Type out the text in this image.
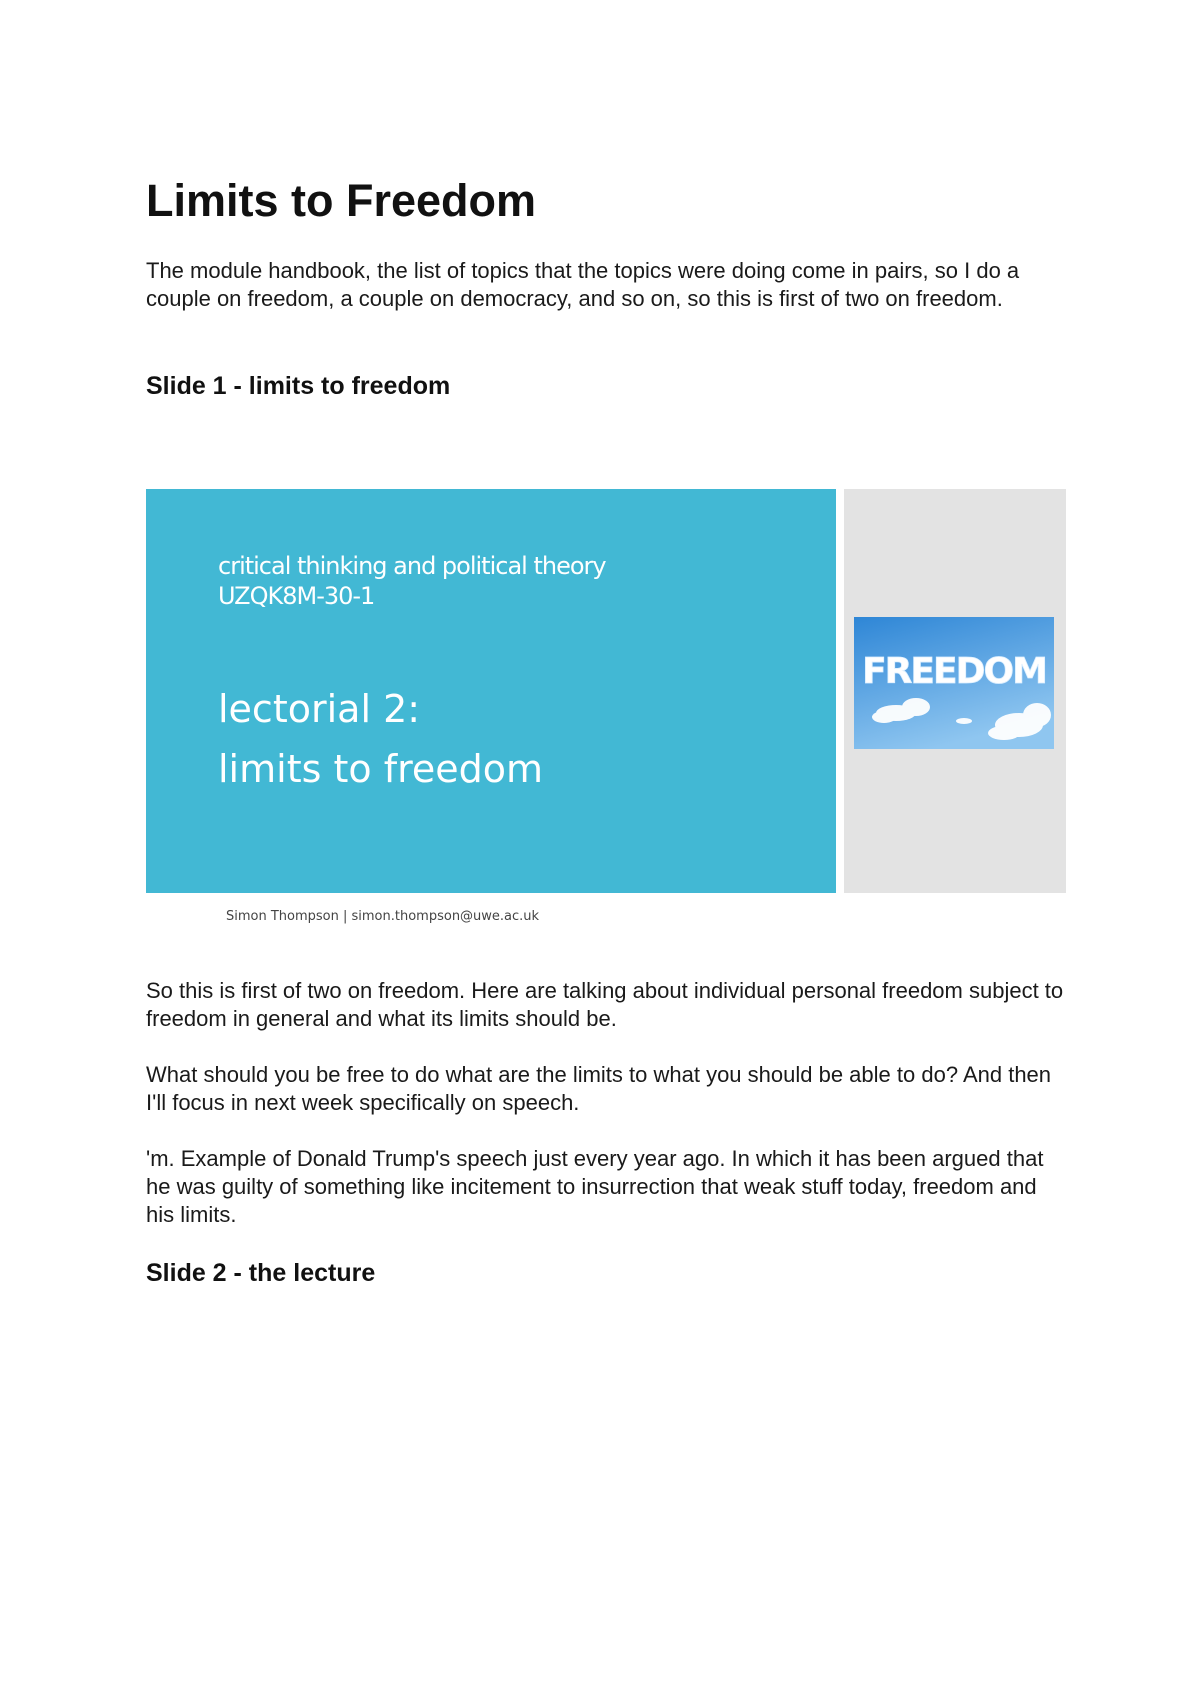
Limits to Freedom

The module handbook, the list of topics that the topics were doing come in pairs, so I do a couple on freedom, a couple on democracy, and so on, so this is first of two on freedom.

Slide 1 - limits to freedom
critical thinking and political theory
UZQK8M-30-1
lectorial 2:
limits to freedom
FREEDOM
Simon Thompson | simon.thompson@uwe.ac.uk

So this is first of two on freedom. Here are talking about individual personal freedom subject to freedom in general and what its limits should be.

What should you be free to do what are the limits to what you should be able to do? And then I'll focus in next week specifically on speech.

'm. Example of Donald Trump's speech just every year ago. In which it has been argued that he was guilty of something like incitement to insurrection that weak stuff today, freedom and his limits.

Slide 2 - the lecture
